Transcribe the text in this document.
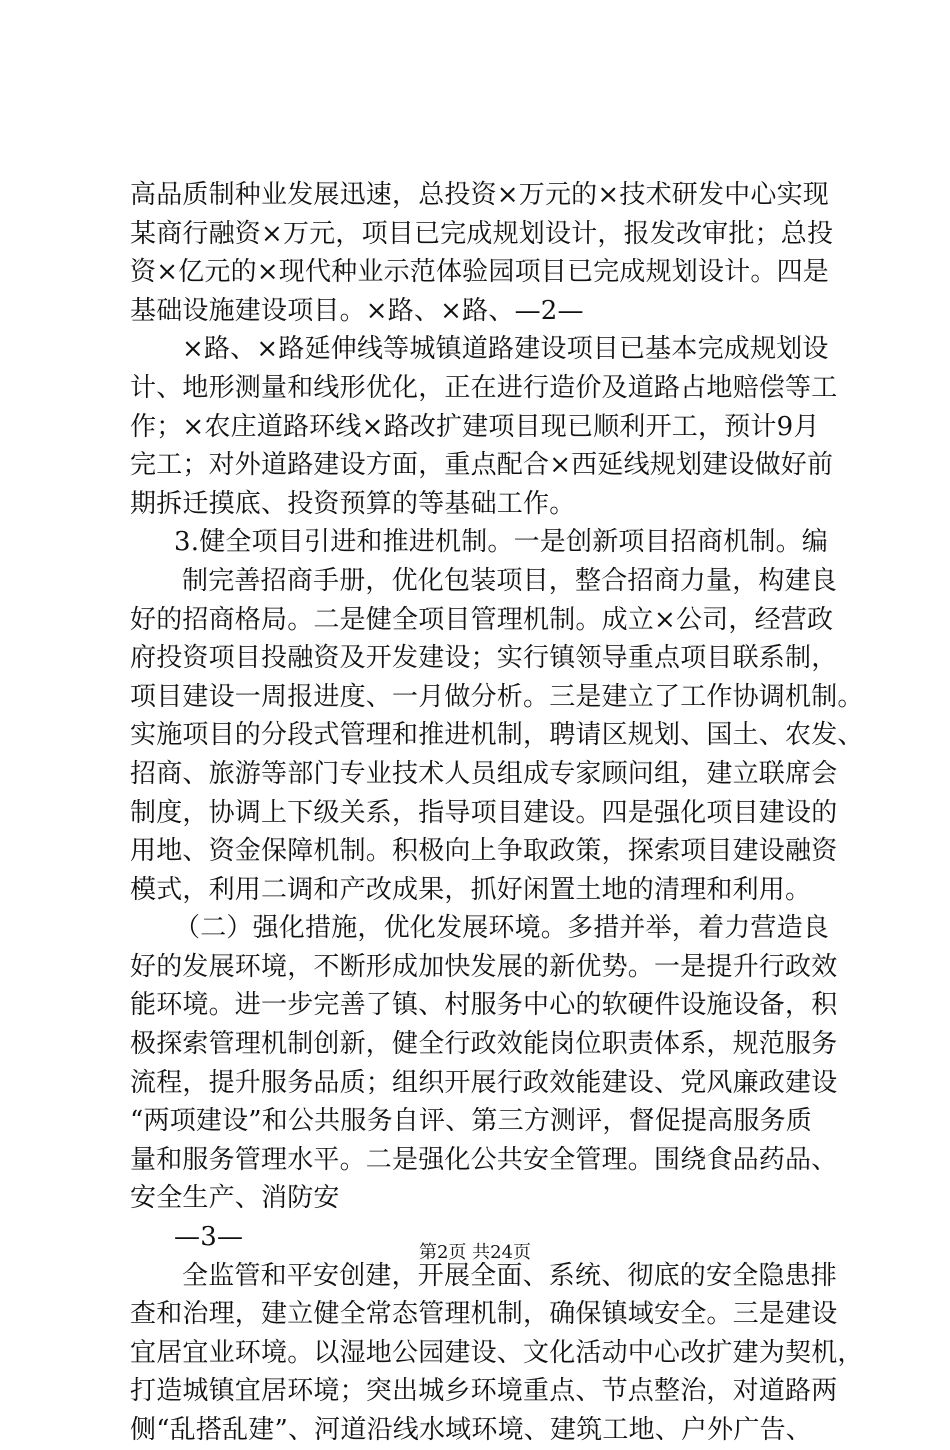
高品质制种业发展迅速，总投资×万元的×技术研发中心实现
某商行融资×万元，项目已完成规划设计，报发改审批；总投
资×亿元的×现代种业示范体验园项目已完成规划设计。四是
基础设施建设项目。×路、×路、—2—
×路、×路延伸线等城镇道路建设项目已基本完成规划设
计、地形测量和线形优化，正在进行造价及道路占地赔偿等工
作；×农庄道路环线×路改扩建项目现已顺利开工，预计9月
完工；对外道路建设方面，重点配合×西延线规划建设做好前
期拆迁摸底、投资预算的等基础工作。
3.健全项目引进和推进机制。一是创新项目招商机制。编
制完善招商手册，优化包装项目，整合招商力量，构建良
好的招商格局。二是健全项目管理机制。成立×公司，经营政
府投资项目投融资及开发建设；实行镇领导重点项目联系制，
项目建设一周报进度、一月做分析。三是建立了工作协调机制。
实施项目的分段式管理和推进机制，聘请区规划、国土、农发、
招商、旅游等部门专业技术人员组成专家顾问组，建立联席会
制度，协调上下级关系，指导项目建设。四是强化项目建设的
用地、资金保障机制。积极向上争取政策，探索项目建设融资
模式，利用二调和产改成果，抓好闲置土地的清理和利用。
（二）强化措施，优化发展环境。多措并举，着力营造良
好的发展环境，不断形成加快发展的新优势。一是提升行政效
能环境。进一步完善了镇、村服务中心的软硬件设施设备，积
极探索管理机制创新，健全行政效能岗位职责体系，规范服务
流程，提升服务品质；组织开展行政效能建设、党风廉政建设
“两项建设”和公共服务自评、第三方测评，督促提高服务质
量和服务管理水平。二是强化公共安全管理。围绕食品药品、
安全生产、消防安
—3—
全监管和平安创建，开展全面、系统、彻底的安全隐患排
查和治理，建立健全常态管理机制，确保镇域安全。三是建设
宜居宜业环境。以湿地公园建设、文化活动中心改扩建为契机，
打造城镇宜居环境；突出城乡环境重点、节点整治，对道路两
侧“乱搭乱建”、河道沿线水域环境、建筑工地、户外广告、
第2页 共24页
